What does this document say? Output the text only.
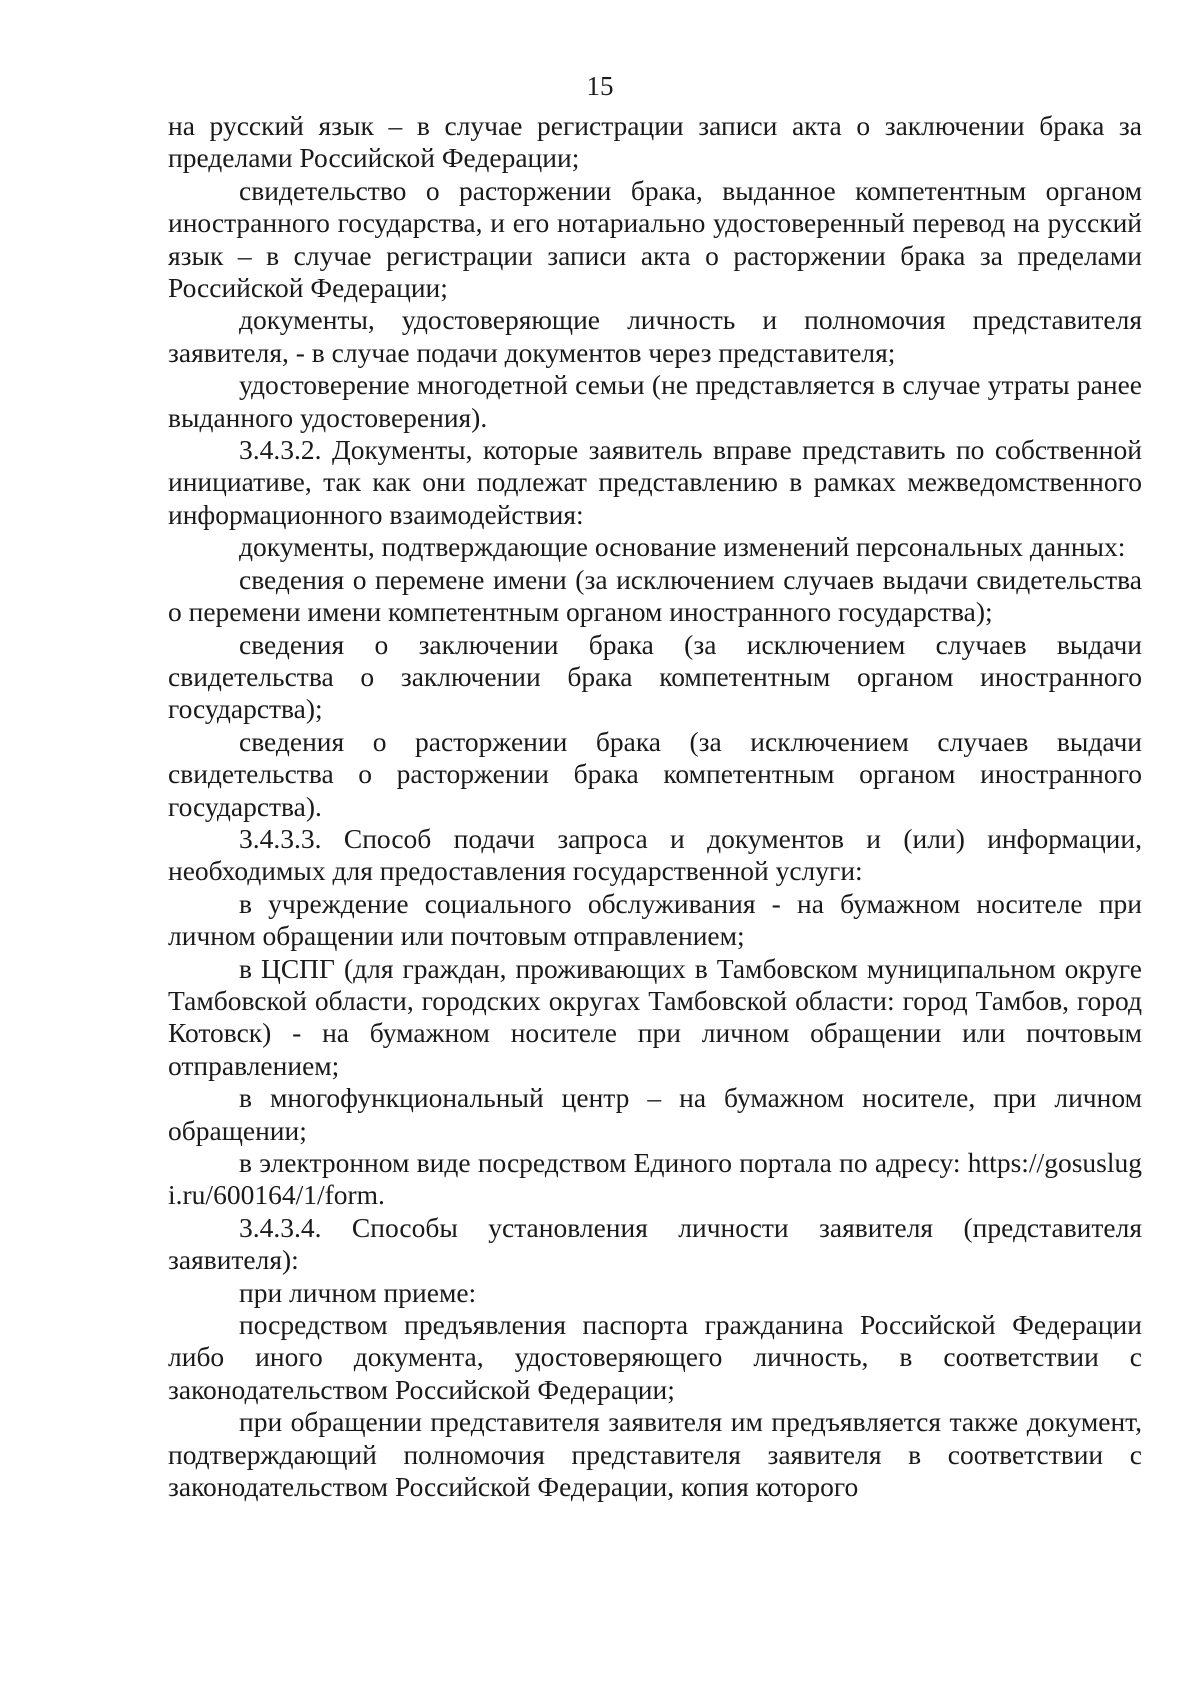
15

на русский язык – в случае регистрации записи акта о заключении брака за пределами Российской Федерации;

свидетельство о расторжении брака, выданное компетентным органом иностранного государства, и его нотариально удостоверенный перевод на русский язык – в случае регистрации записи акта о расторжении брака за пределами Российской Федерации;

документы, удостоверяющие личность и полномочия представителя заявителя, - в случае подачи документов через представителя;

удостоверение многодетной семьи (не представляется в случае утраты ранее выданного удостоверения).

3.4.3.2. Документы, которые заявитель вправе представить по собственной инициативе, так как они подлежат представлению в рамках межведомственного информационного взаимодействия:

документы, подтверждающие основание изменений персональных данных:

сведения о перемене имени (за исключением случаев выдачи свидетельства о перемени имени компетентным органом иностранного государства);

сведения о заключении брака (за исключением случаев выдачи свидетельства о заключении брака компетентным органом иностранного государства);

сведения о расторжении брака (за исключением случаев выдачи свидетельства о расторжении брака компетентным органом иностранного государства).

3.4.3.3. Способ подачи запроса и документов и (или) информации, необходимых для предоставления государственной услуги:

в учреждение социального обслуживания - на бумажном носителе при личном обращении или почтовым отправлением;

в ЦСПГ (для граждан, проживающих в Тамбовском муниципальном округе Тамбовской области, городских округах Тамбовской области: город Тамбов, город Котовск) - на бумажном носителе при личном обращении или почтовым отправлением;

в многофункциональный центр – на бумажном носителе, при личном обращении;

в электронном виде посредством Единого портала по адресу: https://gosuslugi.ru/600164/1/form.

3.4.3.4. Способы установления личности заявителя (представителя заявителя):

при личном приеме:

посредством предъявления паспорта гражданина Российской Федерации либо иного документа, удостоверяющего личность, в соответствии с законодательством Российской Федерации;

при обращении представителя заявителя им предъявляется также документ, подтверждающий полномочия представителя заявителя в соответствии с законодательством Российской Федерации, копия которого
